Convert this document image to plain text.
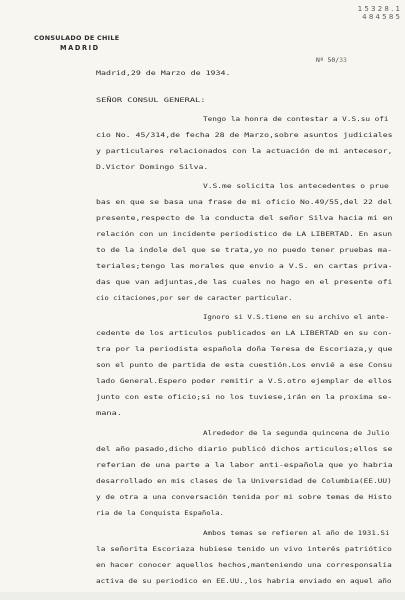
1 5 3 2 8 . 1
4 8 4 5 8 5
CONSULADO DE CHILE
MADRID
Nº 50/33
Madrid,29 de Marzo de 1934.
SEÑOR CONSUL GENERAL:
Tengo la honra de contestar a V.S.su ofi
cio No. 45/314,de fecha 28 de Marzo,sobre asuntos judiciales
y particulares relacionados con la actuación de mi antecesor,
D.Victor Domingo Silva.
V.S.me solicita los antecedentes o prue
bas en que se basa una frase de mi oficio No.49/55,del 22 del
presente,respecto de la conducta del señor Silva hacia mi en
relación con un incidente periodistico de LA LIBERTAD. En asun
to de la indole del que se trata,yo no puedo tener pruebas ma-
teriales;tengo las morales que envio a V.S. en cartas priva-
das que van adjuntas,de las cuales no hago en el presente ofi
cio citaciones,por ser de caracter particular.
Ignoro si V.S.tiene en su archivo el ante-
cedente de los articulos publicados en LA LIBERTAD en su con-
tra por la periodista española doña Teresa de Escoriaza,y que
son el punto de partida de esta cuestión.Los envié a ese Consu
lado General.Espero poder remitir a V.S.otro ejemplar de ellos
junto con este oficio;si no los tuviese,irán en la proxima se-
mana.
Alrededor de la segunda quincena de Julio
del año pasado,dicho diario publicó dichos articulos;ellos se
referian de una parte a la labor anti-española que yo habria
desarrollado en mis clases de la Universidad de Columbia(EE.UU)
y de otra a una conversación tenida por mi sobre temas de Histo
ria de la Conquista Española.
Ambos temas se refieren al año de 1931.Si
la señorita Escoriaza hubiese tenido un vivo interés patriótico
en hacer conocer aquellos hechos,manteniendo una corresponsalia
activa de su periodico en EE.UU.,los habria enviado en aquel año
